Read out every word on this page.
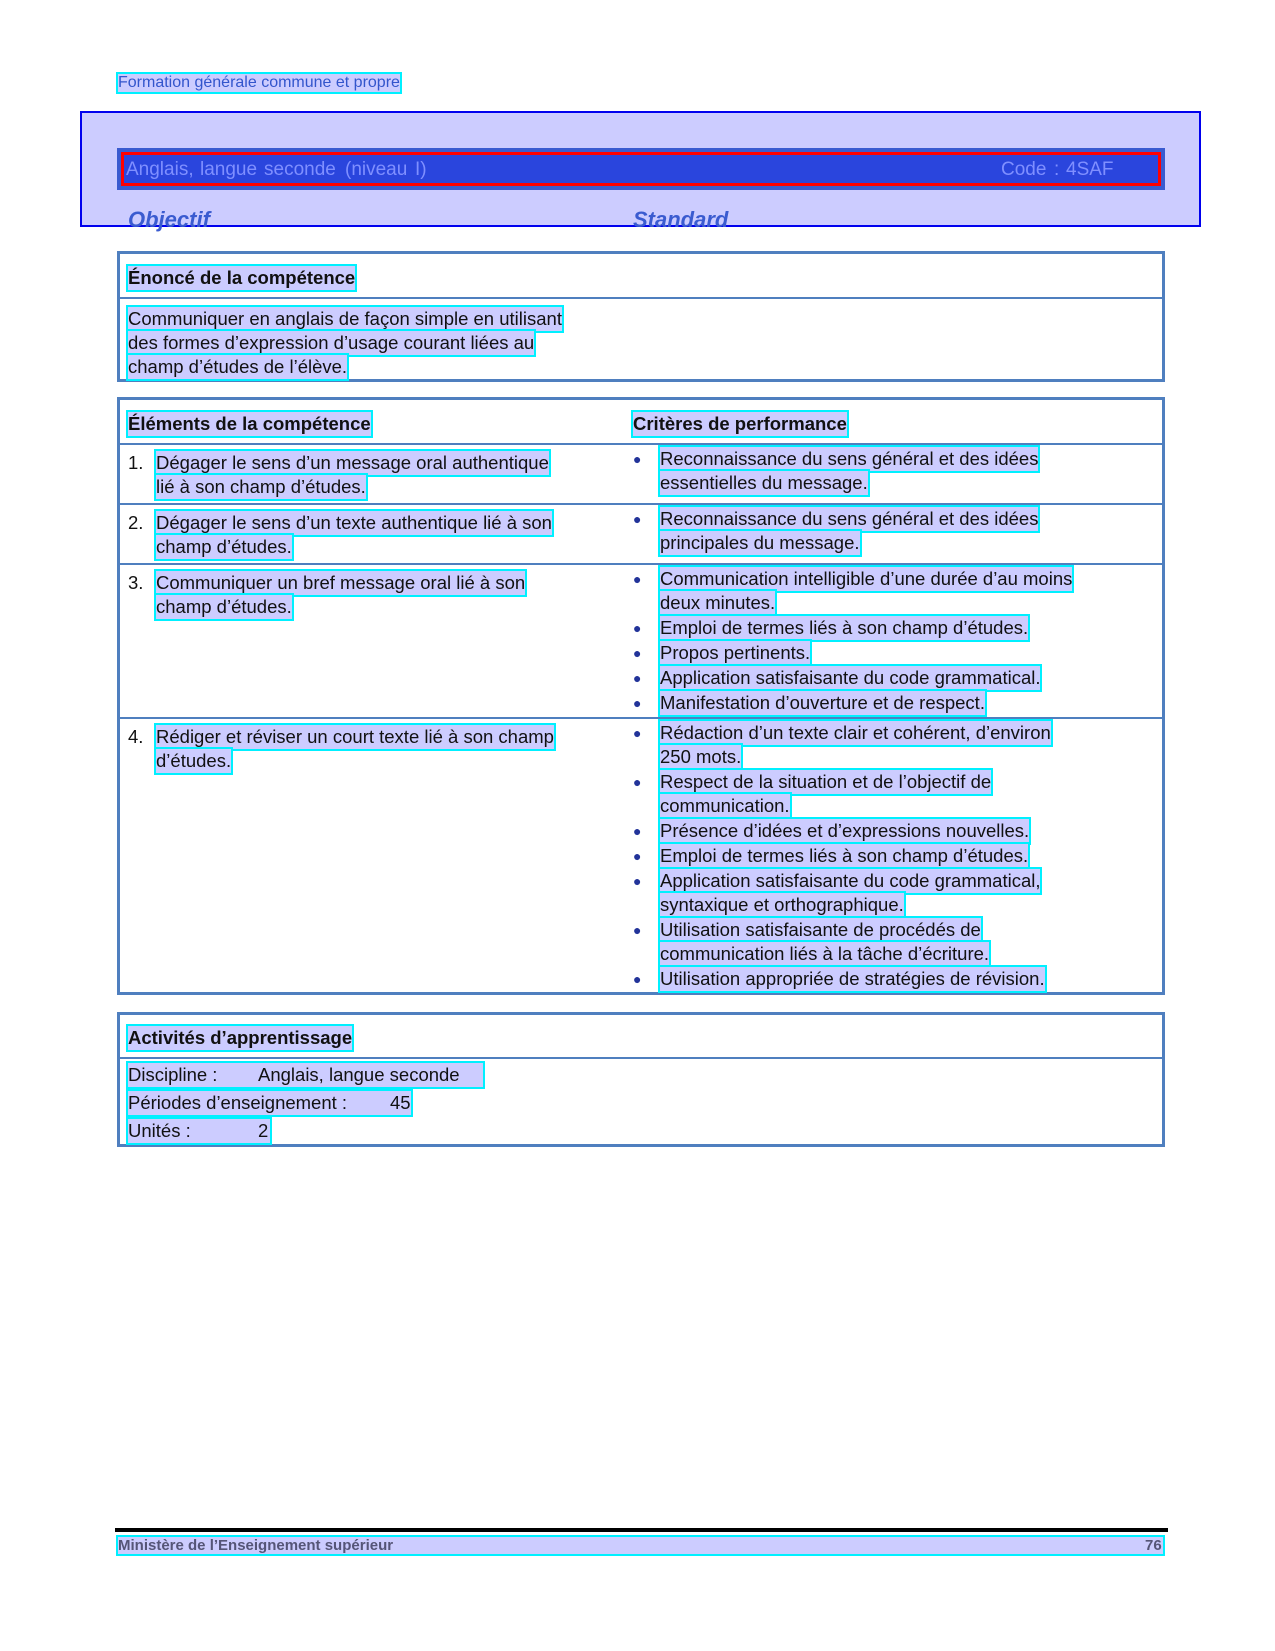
Formation générale commune et propre
Anglais, langue seconde (niveau I)	Code : 4SAF
Objectif	Standard
Énoncé de la compétence
Communiquer en anglais de façon simple en utilisant
des formes d’expression d’usage courant liées au
champ d’études de l’élève.
Éléments de la compétence	Critères de performance
1. Dégager le sens d’un message oral authentique
lié à son champ d’études.
● Reconnaissance du sens général et des idées
essentielles du message.
2. Dégager le sens d’un texte authentique lié à son
champ d’études.
● Reconnaissance du sens général et des idées
principales du message.
3. Communiquer un bref message oral lié à son
champ d’études.
● Communication intelligible d’une durée d’au moins
deux minutes.
● Emploi de termes liés à son champ d’études.
● Propos pertinents.
● Application satisfaisante du code grammatical.
● Manifestation d’ouverture et de respect.
4. Rédiger et réviser un court texte lié à son champ
d’études.
● Rédaction d’un texte clair et cohérent, d’environ
250 mots.
● Respect de la situation et de l’objectif de
communication.
● Présence d’idées et d’expressions nouvelles.
● Emploi de termes liés à son champ d’études.
● Application satisfaisante du code grammatical,
syntaxique et orthographique.
● Utilisation satisfaisante de procédés de
communication liés à la tâche d’écriture.
● Utilisation appropriée de stratégies de révision.
Activités d’apprentissage
Discipline : Anglais, langue seconde
Périodes d’enseignement : 45
Unités :	2
Ministère de l’Enseignement supérieur	76
